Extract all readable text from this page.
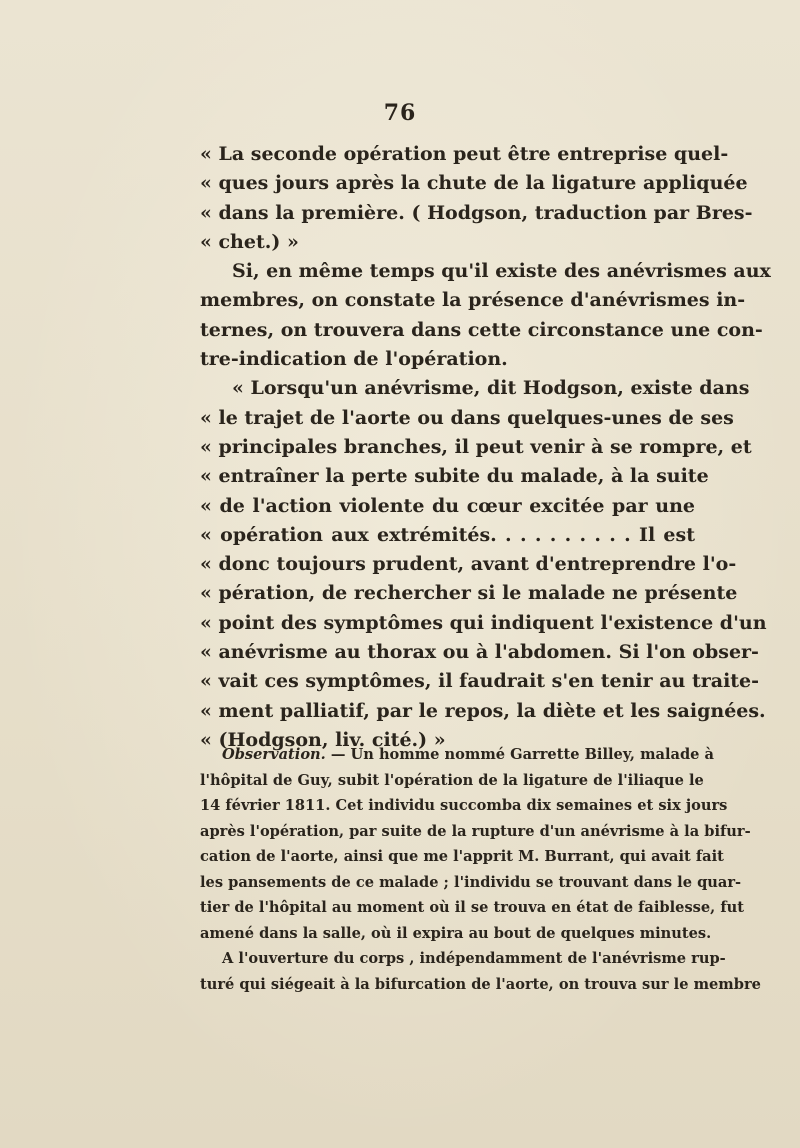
76
« La seconde opération peut être entreprise quel-
« ques jours après la chute de la ligature appliquée
« dans la première. ( Hodgson, traduction par Bres-
« chet.) »
Si, en même temps qu'il existe des anévrismes aux
membres, on constate la présence d'anévrismes in-
ternes, on trouvera dans cette circonstance une con-
tre-indication de l'opération.
« Lorsqu'un anévrisme, dit Hodgson, existe dans
« le trajet de l'aorte ou dans quelques-unes de ses
« principales branches, il peut venir à se rompre, et
« entraîner la perte subite du malade, à la suite
« de l'action violente du cœur excitée par une
« opération aux extrémités. . . . . . . . . . Il est
« donc toujours prudent, avant d'entreprendre l'o-
« pération, de rechercher si le malade ne présente
« point des symptômes qui indiquent l'existence d'un
« anévrisme au thorax ou à l'abdomen. Si l'on obser-
« vait ces symptômes, il faudrait s'en tenir au traite-
« ment palliatif, par le repos, la diète et les saignées.
« (Hodgson, liv. cité.) »
Observation. — Un homme nommé Garrette Billey, malade à
l'hôpital de Guy, subit l'opération de la ligature de l'iliaque le
14 février 1811. Cet individu succomba dix semaines et six jours
après l'opération, par suite de la rupture d'un anévrisme à la bifur-
cation de l'aorte, ainsi que me l'apprit M. Burrant, qui avait fait
les pansements de ce malade ; l'individu se trouvant dans le quar-
tier de l'hôpital au moment où il se trouva en état de faiblesse, fut
amené dans la salle, où il expira au bout de quelques minutes.
A l'ouverture du corps , indépendamment de l'anévrisme rup-
turé qui siégeait à la bifurcation de l'aorte, on trouva sur le membre
